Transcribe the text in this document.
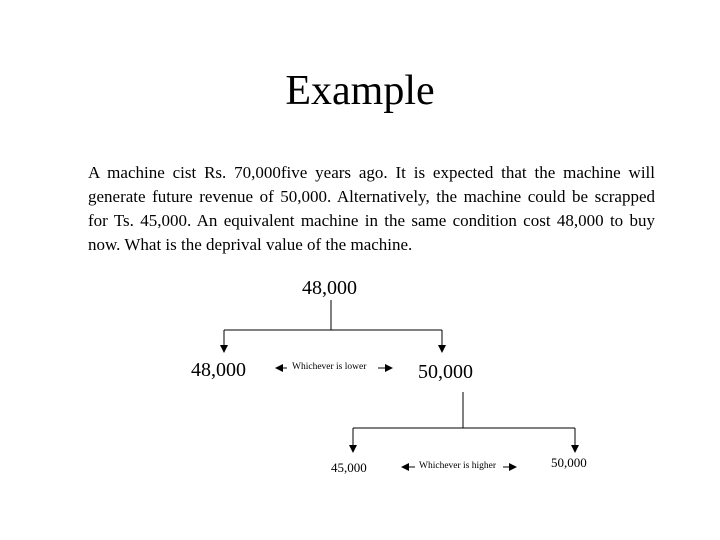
Example
A machine cist Rs. 70,000five years ago. It is expected that the machine will generate future revenue of 50,000. Alternatively, the machine could be scrapped for Ts. 45,000. An equivalent machine in the same condition cost 48,000 to buy now. What is the deprival value of the machine.
48,000
48,000	Whichever is lower	50,000
45,000	Whichever is higher	50,000
